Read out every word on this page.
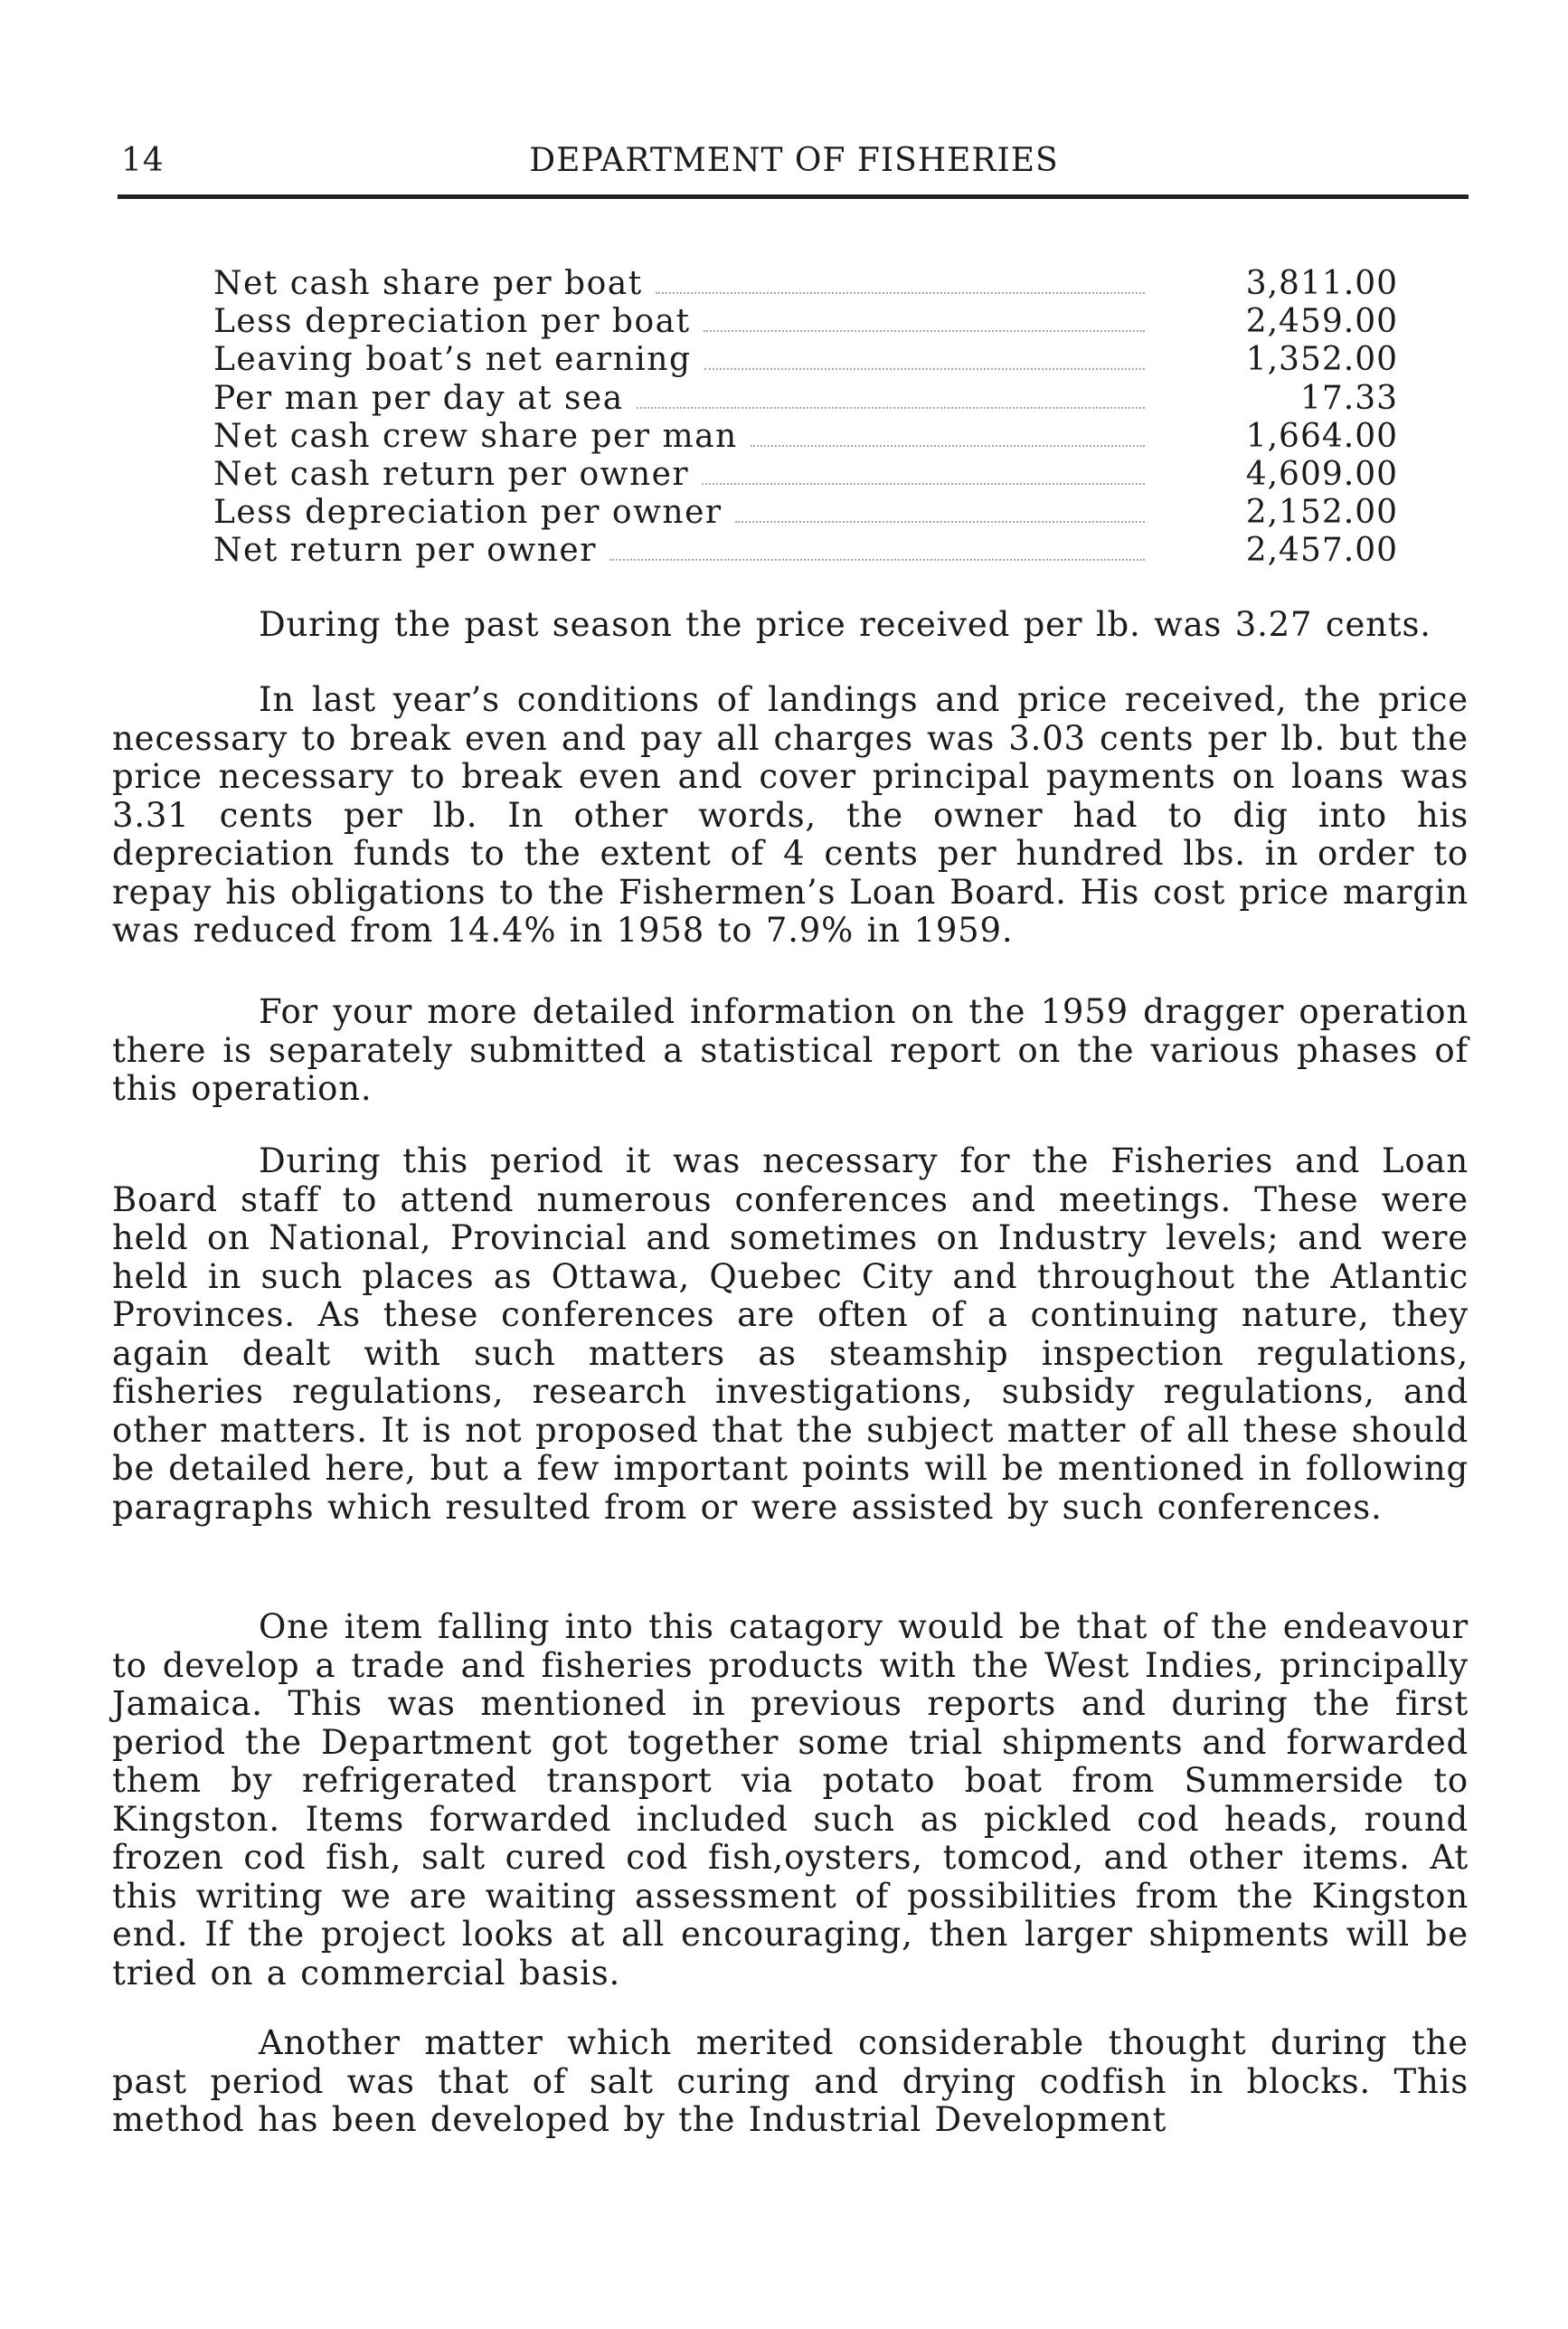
14	DEPARTMENT OF FISHERIES
Net cash share per boat	3,811.00
Less depreciation per boat	2,459.00
Leaving boat’s net earning	1,352.00
Per man per day at sea	17.33
Net cash crew share per man	1,664.00
Net cash return per owner	4,609.00
Less depreciation per owner	2,152.00
Net return per owner	2,457.00

During the past season the price received per lb. was 3.27 cents.

In last year’s conditions of landings and price received, the price necessary to break even and pay all charges was 3.03 cents per lb. but the price necessary to break even and cover principal payments on loans was 3.31 cents per lb. In other words, the owner had to dig into his depreciation funds to the extent of 4 cents per hundred lbs. in order to repay his obligations to the Fishermen’s Loan Board. His cost price margin was reduced from 14.4% in 1958 to 7.9% in 1959.

For your more detailed information on the 1959 dragger operation there is separately submitted a statistical report on the various phases of this operation.

During this period it was necessary for the Fisheries and Loan Board staff to attend numerous conferences and meetings. These were held on National, Provincial and sometimes on Industry levels; and were held in such places as Ottawa, Quebec City and throughout the Atlantic Provinces. As these conferences are often of a continuing nature, they again dealt with such matters as steamship inspection regulations, fisheries regulations, research investigations, subsidy regulations, and other matters. It is not proposed that the subject matter of all these should be detailed here, but a few important points will be mentioned in following paragraphs which resulted from or were assisted by such conferences.

One item falling into this catagory would be that of the endeavour to develop a trade and fisheries products with the West Indies, principally Jamaica. This was mentioned in previous reports and during the first period the Department got together some trial shipments and forwarded them by refrigerated transport via potato boat from Summerside to Kingston. Items forwarded included such as pickled cod heads, round frozen cod fish, salt cured cod fish,oysters, tomcod, and other items. At this writing we are waiting assessment of possibilities from the Kingston end. If the project looks at all encouraging, then larger shipments will be tried on a commercial basis.

Another matter which merited considerable thought during the past period was that of salt curing and drying codfish in blocks. This method has been developed by the Industrial Development
